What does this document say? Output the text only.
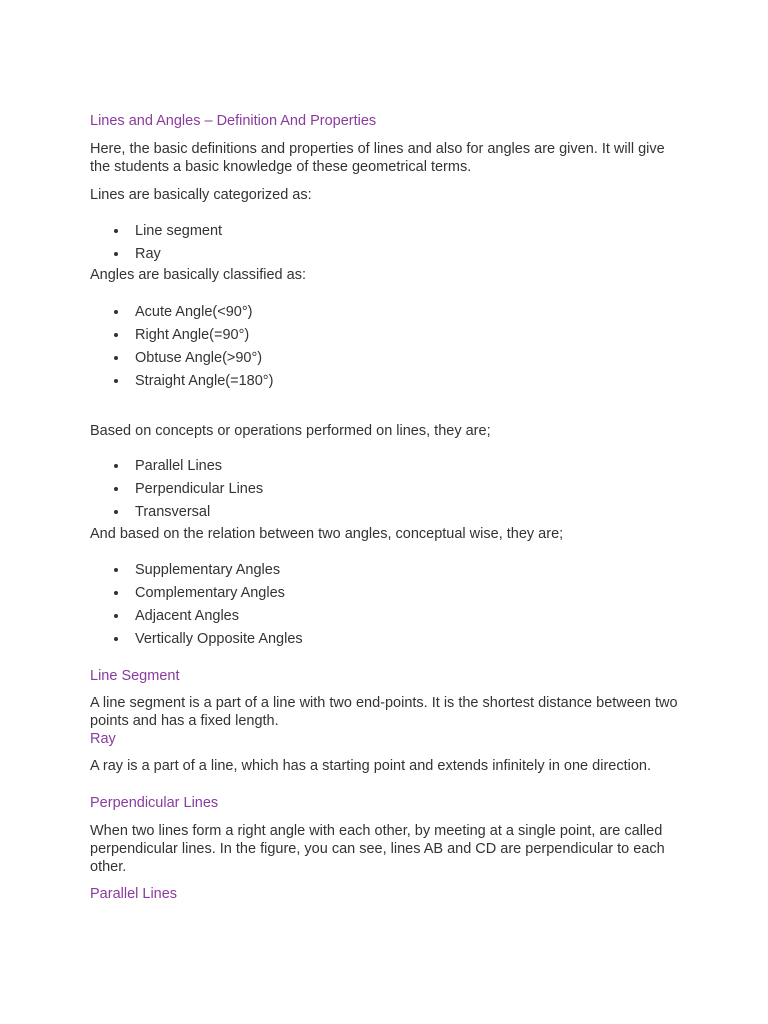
Lines and Angles – Definition And Properties
Here, the basic definitions and properties of lines and also for angles are given. It will give the students a basic knowledge of these geometrical terms.
Lines are basically categorized as:
Line segment
Ray
Angles are basically classified as:
Acute Angle(<90°)
Right Angle(=90°)
Obtuse Angle(>90°)
Straight Angle(=180°)
Based on concepts or operations performed on lines, they are;
Parallel Lines
Perpendicular Lines
Transversal
And based on the relation between two angles, conceptual wise, they are;
Supplementary Angles
Complementary Angles
Adjacent Angles
Vertically Opposite Angles
Line Segment
A line segment is a part of a line with two end-points. It is the shortest distance between two points and has a fixed length.
Ray
A ray is a part of a line, which has a starting point and extends infinitely in one direction.
Perpendicular Lines
When two lines form a right angle with each other, by meeting at a single point, are called perpendicular lines. In the figure, you can see, lines AB and CD are perpendicular to each other.
Parallel Lines
